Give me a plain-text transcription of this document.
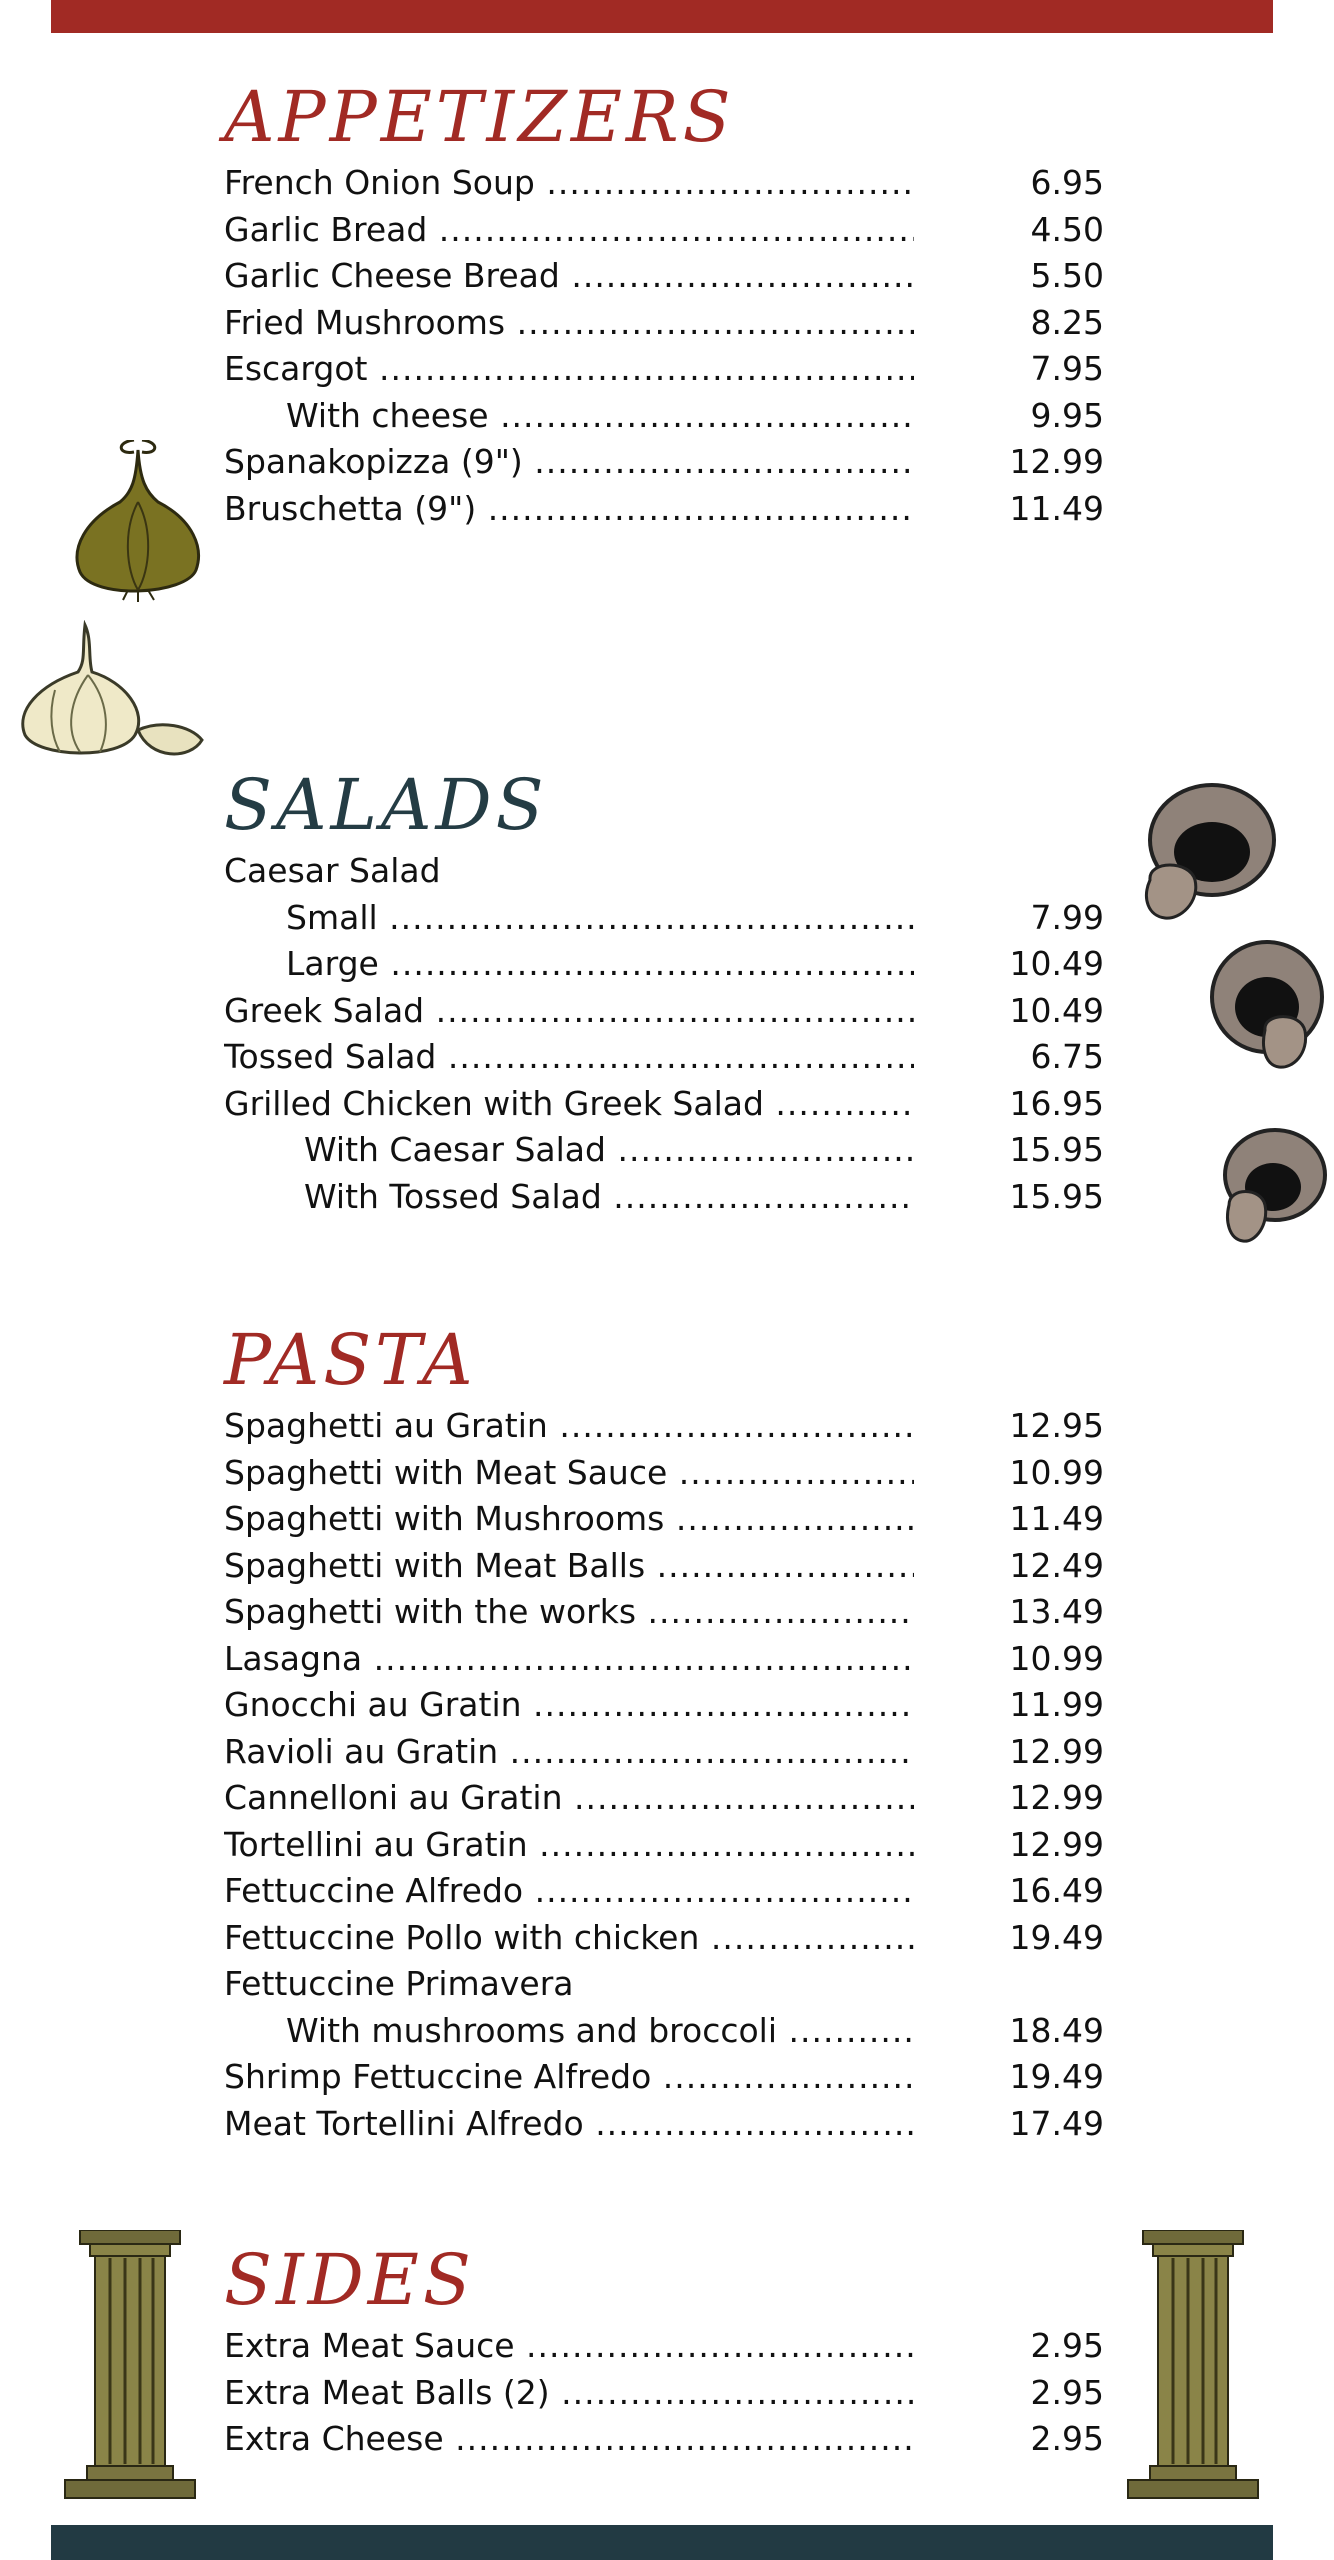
APPETIZERS
French Onion Soup .....	6.95
Garlic Bread .....	4.50
Garlic Cheese Bread .....	5.50
Fried Mushrooms .....	8.25
Escargot .....	7.95
With cheese .....	9.95
Spanakopizza (9") .....	12.99
Bruschetta (9") .....	11.49
SALADS
Caesar Salad
Small .....	7.99
Large .....	10.49
Greek Salad .....	10.49
Tossed Salad .....	6.75
Grilled Chicken with Greek Salad .....	16.95
With Caesar Salad .....	15.95
With Tossed Salad .....	15.95
PASTA
Spaghetti au Gratin .....	12.95
Spaghetti with Meat Sauce .....	10.99
Spaghetti with Mushrooms .....	11.49
Spaghetti with Meat Balls .....	12.49
Spaghetti with the works .....	13.49
Lasagna .....	10.99
Gnocchi au Gratin .....	11.99
Ravioli au Gratin .....	12.99
Cannelloni au Gratin .....	12.99
Tortellini au Gratin .....	12.99
Fettuccine Alfredo .....	16.49
Fettuccine Pollo with chicken .....	19.49
Fettuccine Primavera
With mushrooms and broccoli .....	18.49
Shrimp Fettuccine Alfredo .....	19.49
Meat Tortellini Alfredo .....	17.49
SIDES
Extra Meat Sauce .....	2.95
Extra Meat Balls (2) .....	2.95
Extra Cheese .....	2.95
